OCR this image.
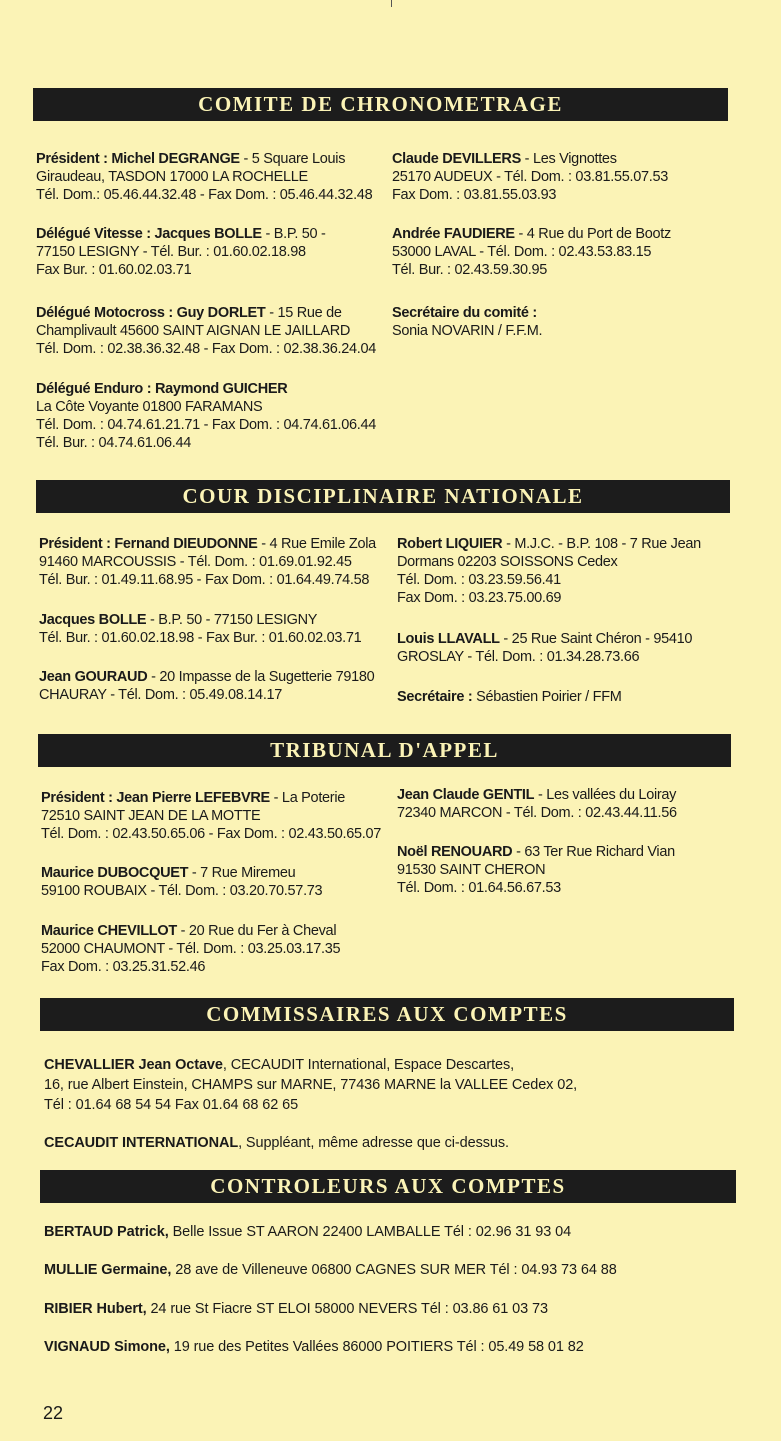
COMITE DE CHRONOMETRAGE
Président : Michel DEGRANGE - 5 Square Louis
Giraudeau, TASDON 17000 LA ROCHELLE
Tél. Dom.: 05.46.44.32.48 - Fax Dom. : 05.46.44.32.48
Délégué Vitesse : Jacques BOLLE - B.P. 50 -
77150 LESIGNY - Tél. Bur. : 01.60.02.18.98
Fax Bur. : 01.60.02.03.71
Délégué Motocross : Guy DORLET - 15 Rue de
Champlivault 45600 SAINT AIGNAN LE JAILLARD
Tél. Dom. : 02.38.36.32.48 - Fax Dom. : 02.38.36.24.04
Délégué Enduro : Raymond GUICHER
La Côte Voyante 01800 FARAMANS
Tél. Dom. : 04.74.61.21.71 - Fax Dom. : 04.74.61.06.44
Tél. Bur. : 04.74.61.06.44
Claude DEVILLERS - Les Vignottes
25170 AUDEUX - Tél. Dom. : 03.81.55.07.53
Fax Dom. : 03.81.55.03.93
Andrée FAUDIERE - 4 Rue du Port de Bootz
53000 LAVAL - Tél. Dom. : 02.43.53.83.15
Tél. Bur. : 02.43.59.30.95
Secrétaire du comité :
Sonia NOVARIN / F.F.M.
COUR DISCIPLINAIRE NATIONALE
Président : Fernand DIEUDONNE - 4 Rue Emile Zola
91460 MARCOUSSIS - Tél. Dom. : 01.69.01.92.45
Tél. Bur. : 01.49.11.68.95 - Fax Dom. : 01.64.49.74.58
Jacques BOLLE - B.P. 50 - 77150 LESIGNY
Tél. Bur. : 01.60.02.18.98 - Fax Bur. : 01.60.02.03.71
Jean GOURAUD - 20 Impasse de la Sugetterie 79180
CHAURAY - Tél. Dom. : 05.49.08.14.17
Robert LIQUIER - M.J.C. - B.P. 108 - 7 Rue Jean
Dormans 02203 SOISSONS Cedex
Tél. Dom. : 03.23.59.56.41
Fax Dom. : 03.23.75.00.69
Louis LLAVALL - 25 Rue Saint Chéron - 95410
GROSLAY - Tél. Dom. : 01.34.28.73.66
Secrétaire : Sébastien Poirier / FFM
TRIBUNAL D'APPEL
Président : Jean Pierre LEFEBVRE - La Poterie
72510 SAINT JEAN DE LA MOTTE
Tél. Dom. : 02.43.50.65.06 - Fax Dom. : 02.43.50.65.07
Maurice DUBOCQUET - 7 Rue Miremeu
59100 ROUBAIX - Tél. Dom. : 03.20.70.57.73
Maurice CHEVILLOT - 20 Rue du Fer à Cheval
52000 CHAUMONT - Tél. Dom. : 03.25.03.17.35
Fax Dom. : 03.25.31.52.46
Jean Claude GENTIL - Les vallées du Loiray
72340 MARCON - Tél. Dom. : 02.43.44.11.56
Noël RENOUARD - 63 Ter Rue Richard Vian
91530 SAINT CHERON
Tél. Dom. : 01.64.56.67.53
COMMISSAIRES AUX COMPTES
CHEVALLIER Jean Octave, CECAUDIT International, Espace Descartes,
16, rue Albert Einstein, CHAMPS sur MARNE, 77436 MARNE la VALLEE Cedex 02,
Tél : 01.64 68 54 54 Fax 01.64 68 62 65
CECAUDIT INTERNATIONAL, Suppléant, même adresse que ci-dessus.
CONTROLEURS AUX COMPTES
BERTAUD Patrick, Belle Issue ST AARON 22400 LAMBALLE Tél : 02.96 31 93 04
MULLIE Germaine, 28 ave de Villeneuve 06800 CAGNES SUR MER Tél : 04.93 73 64 88
RIBIER Hubert, 24 rue St Fiacre ST ELOI 58000 NEVERS Tél : 03.86 61 03 73
VIGNAUD Simone, 19 rue des Petites Vallées 86000 POITIERS Tél : 05.49 58 01 82
22
